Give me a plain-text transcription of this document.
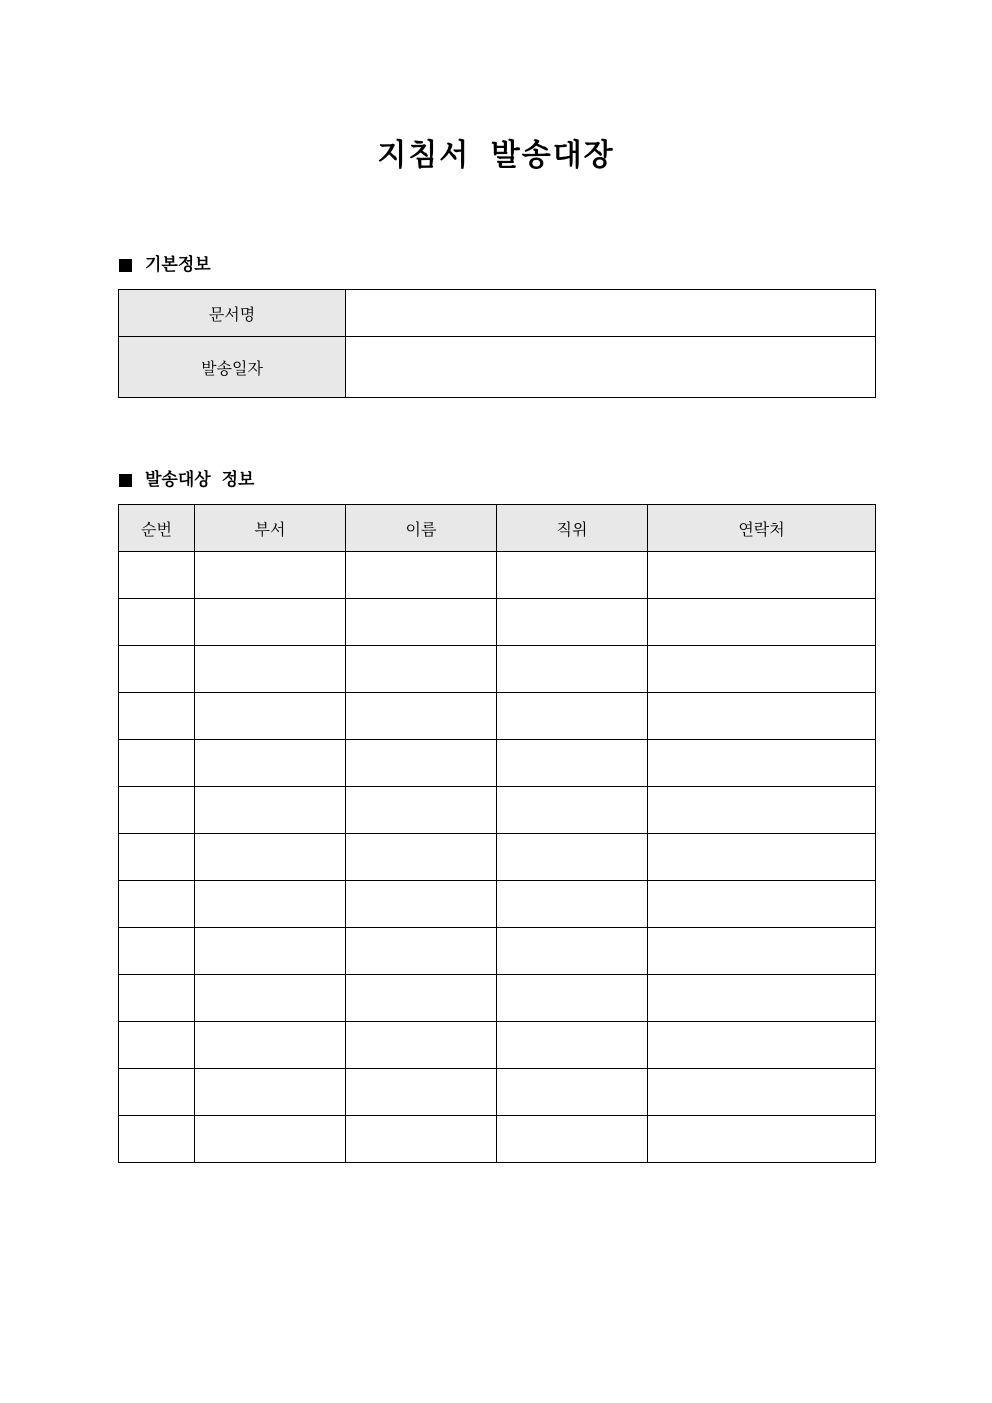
지침서 발송대장
기본정보
문서명	
발송일자	
발송대상 정보
순번	부서	이름	직위	연락처
